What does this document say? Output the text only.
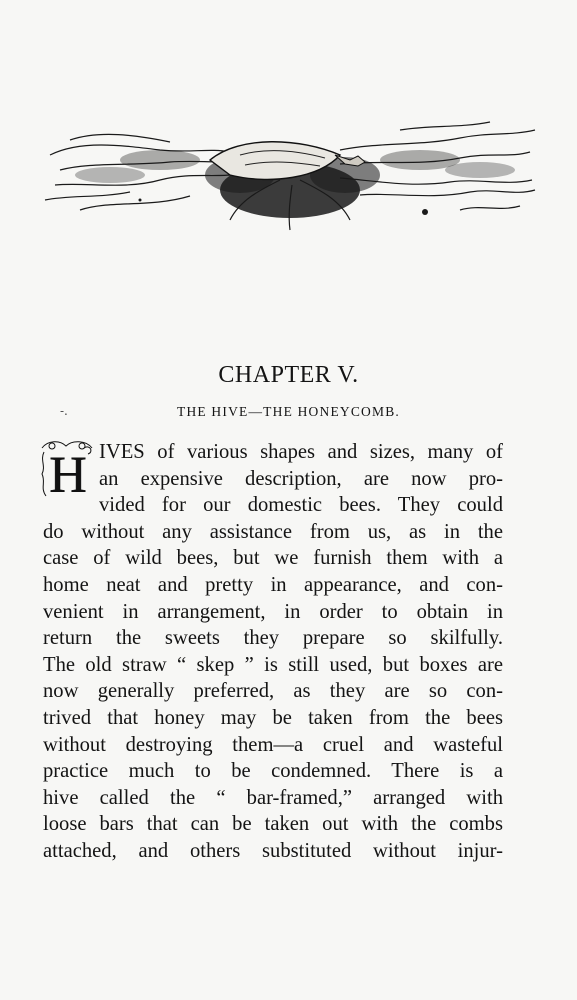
CHAPTER V.
-.	THE HIVE—THE HONEYCOMB.
H IVES of various shapes and sizes, many of
an expensive description, are now pro-
vided for our domestic bees. They could
do without any assistance from us, as in the
case of wild bees, but we furnish them with a
home neat and pretty in appearance, and con-
venient in arrangement, in order to obtain in
return the sweets they prepare so skilfully.
The old straw “ skep ” is still used, but boxes are
now generally preferred, as they are so con-
trived that honey may be taken from the bees
without destroying them—a cruel and wasteful
practice much to be condemned. There is a
hive called the “ bar-framed,” arranged with
loose bars that can be taken out with the combs
attached, and others substituted without injur-
